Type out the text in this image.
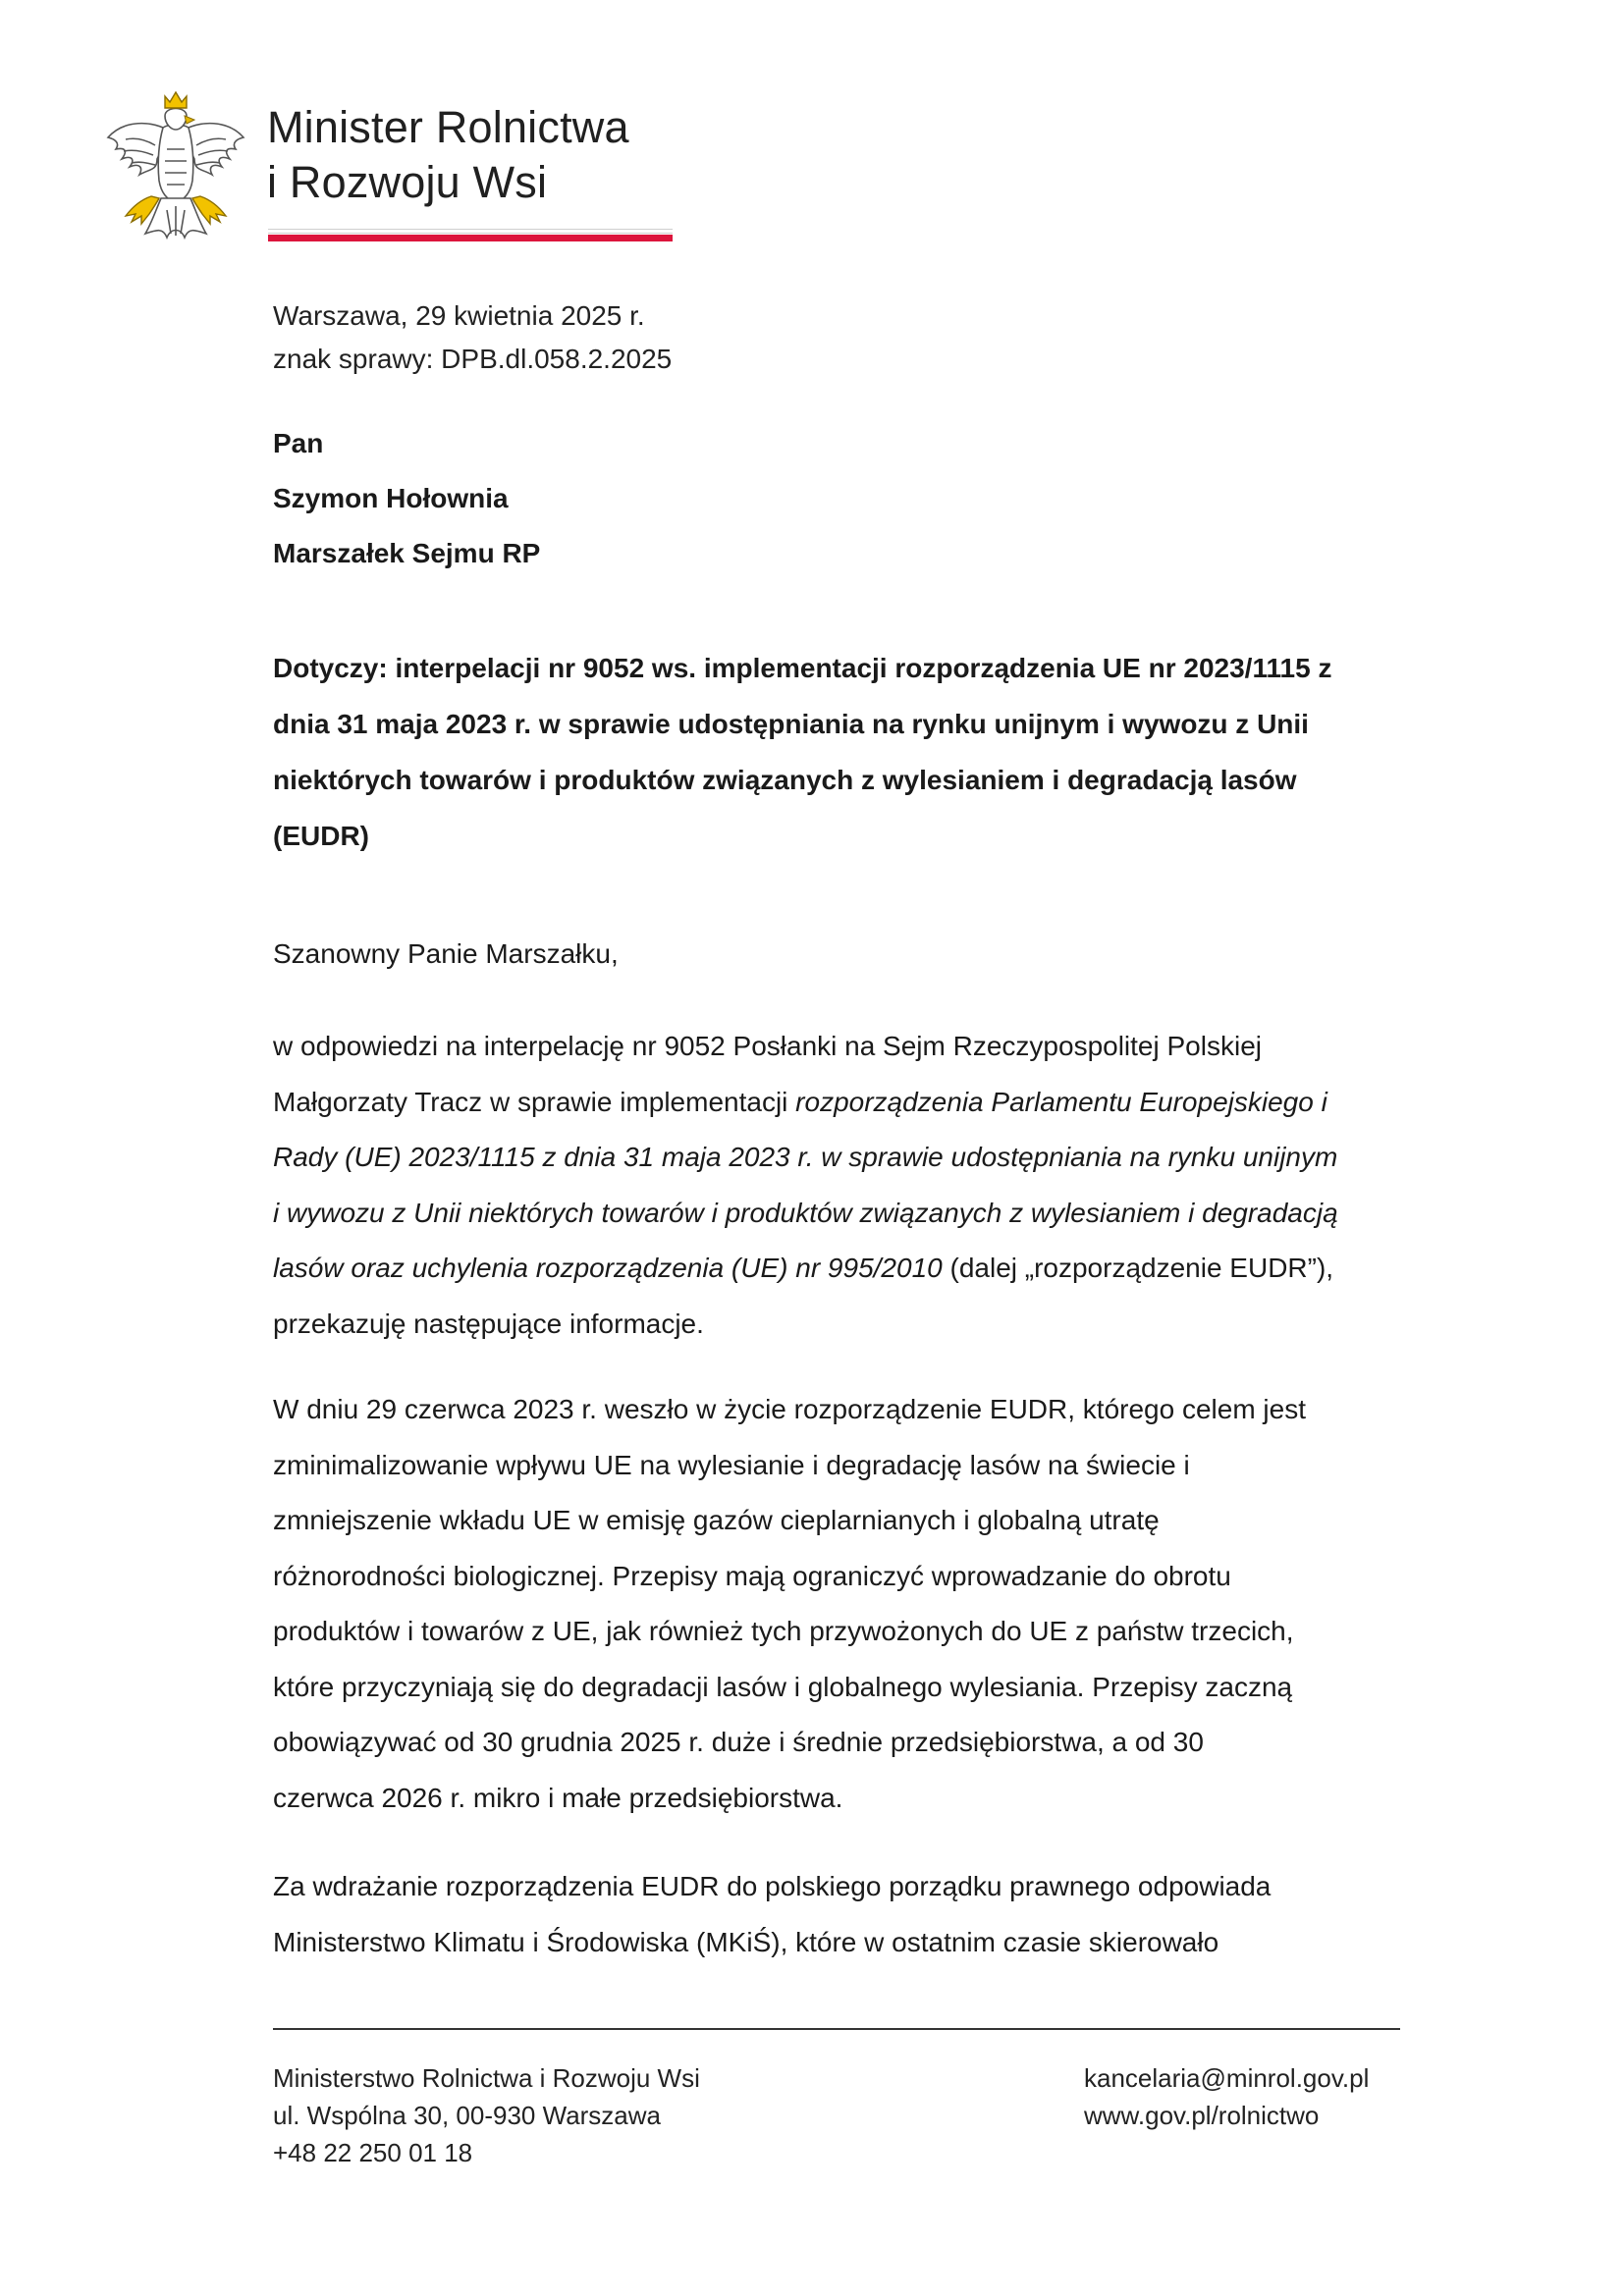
Minister Rolnictwa
i Rozwoju Wsi
Warszawa, 29 kwietnia 2025 r.
znak sprawy: DPB.dl.058.2.2025
Pan
Szymon Hołownia
Marszałek Sejmu RP
Dotyczy: interpelacji nr 9052 ws. implementacji rozporządzenia UE nr 2023/1115 z
dnia 31 maja 2023 r. w sprawie udostępniania na rynku unijnym i wywozu z Unii
niektórych towarów i produktów związanych z wylesianiem i degradacją lasów
(EUDR)
Szanowny Panie Marszałku,
w odpowiedzi na interpelację nr 9052 Posłanki na Sejm Rzeczypospolitej Polskiej
Małgorzaty Tracz w sprawie implementacji rozporządzenia Parlamentu Europejskiego i
Rady (UE) 2023/1115 z dnia 31 maja 2023 r. w sprawie udostępniania na rynku unijnym
i wywozu z Unii niektórych towarów i produktów związanych z wylesianiem i degradacją
lasów oraz uchylenia rozporządzenia (UE) nr 995/2010 (dalej „rozporządzenie EUDR”),
przekazuję następujące informacje.
W dniu 29 czerwca 2023 r. weszło w życie rozporządzenie EUDR, którego celem jest
zminimalizowanie wpływu UE na wylesianie i degradację lasów na świecie i
zmniejszenie wkładu UE w emisję gazów cieplarnianych i globalną utratę
różnorodności biologicznej. Przepisy mają ograniczyć wprowadzanie do obrotu
produktów i towarów z UE, jak również tych przywożonych do UE z państw trzecich,
które przyczyniają się do degradacji lasów i globalnego wylesiania. Przepisy zaczną
obowiązywać od 30 grudnia 2025 r. duże i średnie przedsiębiorstwa, a od 30
czerwca 2026 r. mikro i małe przedsiębiorstwa.
Za wdrażanie rozporządzenia EUDR do polskiego porządku prawnego odpowiada
Ministerstwo Klimatu i Środowiska (MKiŚ), które w ostatnim czasie skierowało
Ministerstwo Rolnictwa i Rozwoju Wsi
ul. Wspólna 30, 00-930 Warszawa
+48 22 250 01 18
kancelaria@minrol.gov.pl
www.gov.pl/rolnictwo
